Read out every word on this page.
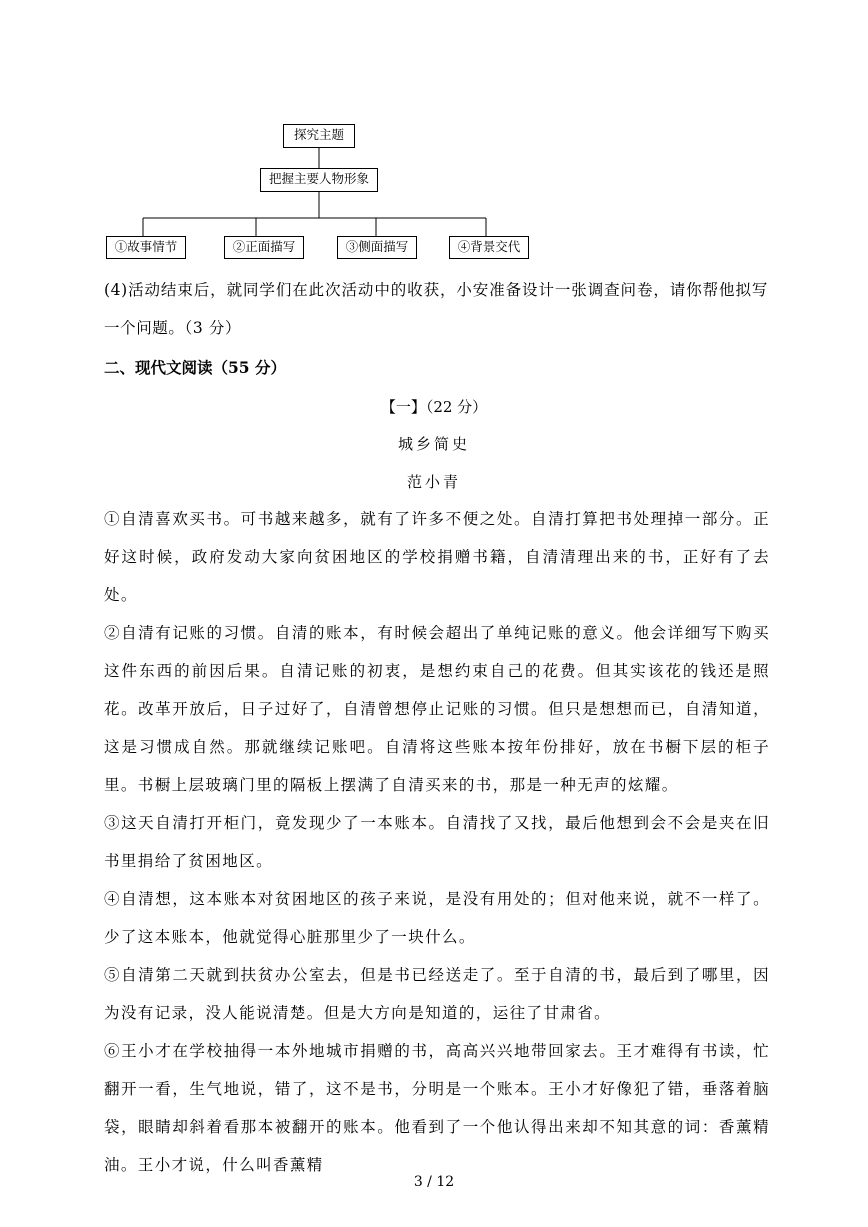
探究主题
把握主要人物形象
①故事情节	②正面描写	③侧面描写	④背景交代
(4)活动结束后，就同学们在此次活动中的收获，小安准备设计一张调查问卷，请你帮他拟写一个问题。（3 分）
二、现代文阅读（55 分）
【一】（22 分）
城乡简史
范小青

①自清喜欢买书。可书越来越多，就有了许多不便之处。自清打算把书处理掉一部分。正好这时候，政府发动大家向贫困地区的学校捐赠书籍，自清清理出来的书，正好有了去处。

②自清有记账的习惯。自清的账本，有时候会超出了单纯记账的意义。他会详细写下购买这件东西的前因后果。自清记账的初衷，是想约束自己的花费。但其实该花的钱还是照花。改革开放后，日子过好了，自清曾想停止记账的习惯。但只是想想而已，自清知道，这是习惯成自然。那就继续记账吧。自清将这些账本按年份排好，放在书橱下层的柜子里。书橱上层玻璃门里的隔板上摆满了自清买来的书，那是一种无声的炫耀。

③这天自清打开柜门，竟发现少了一本账本。自清找了又找，最后他想到会不会是夹在旧书里捐给了贫困地区。

④自清想，这本账本对贫困地区的孩子来说，是没有用处的；但对他来说，就不一样了。少了这本账本，他就觉得心脏那里少了一块什么。

⑤自清第二天就到扶贫办公室去，但是书已经送走了。至于自清的书，最后到了哪里，因为没有记录，没人能说清楚。但是大方向是知道的，运往了甘肃省。

⑥王小才在学校抽得一本外地城市捐赠的书，高高兴兴地带回家去。王才难得有书读，忙翻开一看，生气地说，错了，这不是书，分明是一个账本。王小才好像犯了错，垂落着脑袋，眼睛却斜着看那本被翻开的账本。他看到了一个他认得出来却不知其意的词：香薰精油。王小才说，什么叫香薰精

3 / 12
